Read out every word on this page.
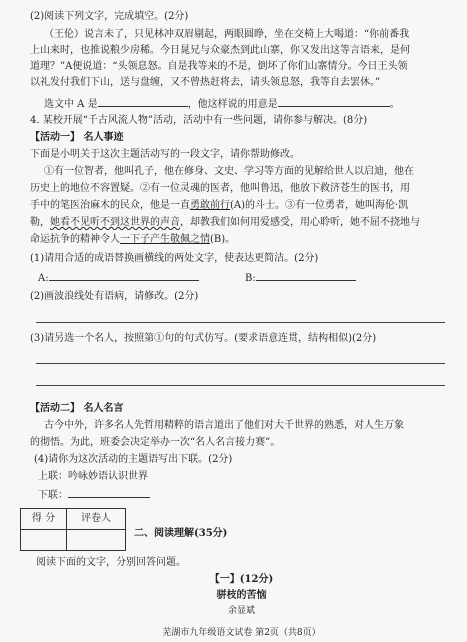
(2)阅读下列文字，完成填空。(2分)
（王伦）说言未了，只见林冲双眉剔起，两眼圆睁，坐在交椅上大喝道：“你前番我
上山来时，也推说粮少房稀。今日晁兄与众豪杰到此山寨，你又发出这等言语来，是何
道理？”A便说道：“头领息怒。自是我等来的不是，倒坏了你们山寨情分。今日王头领
以礼发付我们下山，送与盘缠，又不曾热赶将去，请头领息怒，我等自去罢休。”
选文中 A 是	，他这样说的用意是	。
4. 某校开展“千古风流人物”活动，活动中有一些问题，请你参与解决。(8分)
【活动一】 名人事迹
下面是小明关于这次主题活动写的一段文字，请你帮助修改。
①有一位智者，他叫孔子，他在修身、文史、学习等方面的见解给世人以启迪，他在
历史上的地位不容置疑。②有一位灵魂的医者，他叫鲁迅，他放下救济苍生的医书，用
手中的笔医治麻木的民众，他是一直勇敢前行(A)的斗士。③有一位勇者，她叫海伦·凯
勒，她看不见听不到这世界的声音，却教我们如何用爱感受，用心聆听，她不屈不挠地与
命运抗争的精神令人一下子产生敬佩之情(B)。
(1)请用合适的成语替换画横线的两处文字，使表达更简洁。(2分)
A:	B:
(2)画波浪线处有语病，请修改。(2分)
(3)请另选一个名人，按照第①句的句式仿写。(要求语意连贯，结构相似)(2分)
【活动二】 名人名言
古今中外，许多名人先哲用精粹的语言道出了他们对大千世界的熟悉，对人生万象
的彻悟。为此，班委会决定举办一次“名人名言接力赛”。
(4)请你为这次活动的主题语写出下联。(2分)
上联：吟咏妙语认识世界
下联：
得 分	评卷人

二、阅读理解(35分)
阅读下面的文字，分别回答问题。
【一】(12分)
骈枝的苦恼
余显斌
芜湖市九年级语文试卷 第2页（共8页）
